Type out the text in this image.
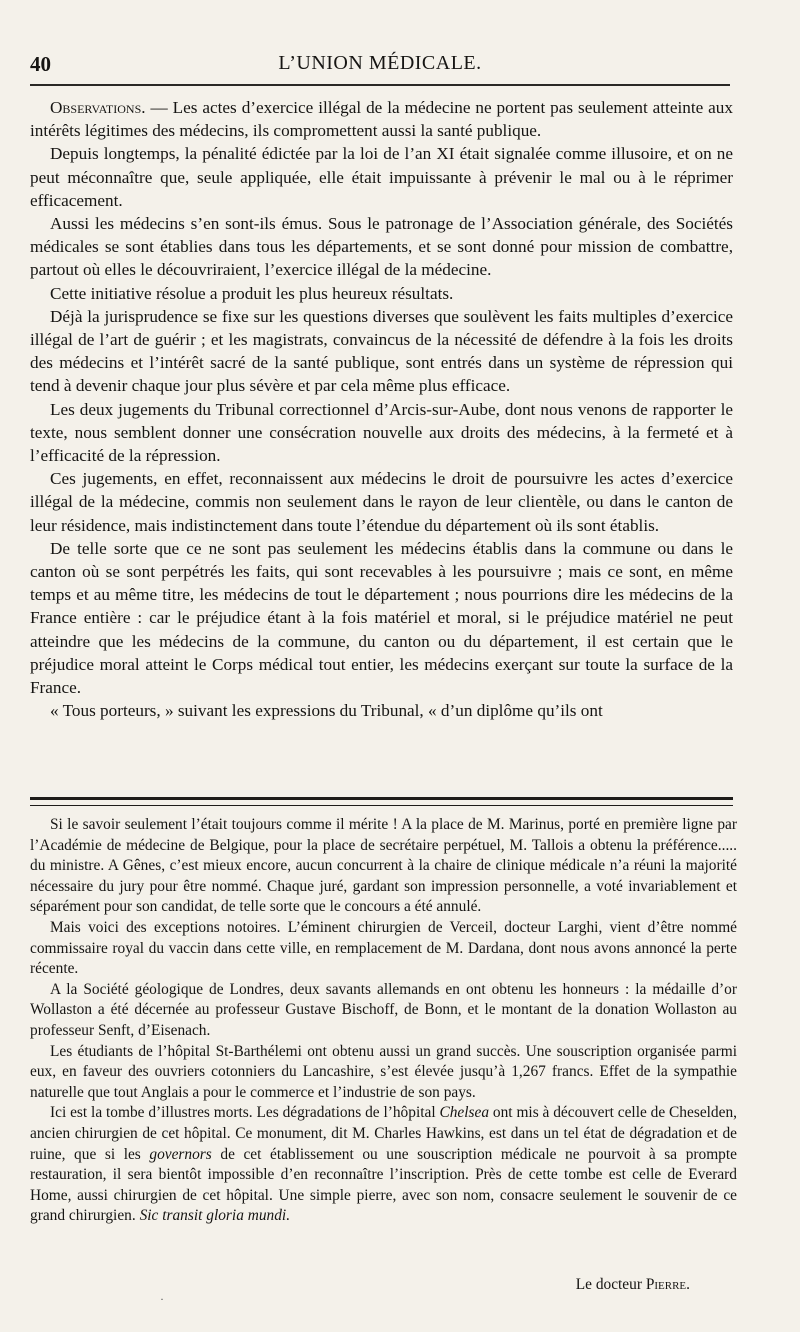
40	L’UNION MÉDICALE.

Observations. — Les actes d’exercice illégal de la médecine ne portent pas seulement atteinte aux intérêts légitimes des médecins, ils compromettent aussi la santé publique.

Depuis longtemps, la pénalité édictée par la loi de l’an XI était signalée comme illusoire, et on ne peut méconnaître que, seule appliquée, elle était impuissante à prévenir le mal ou à le réprimer efficacement.

Aussi les médecins s’en sont-ils émus. Sous le patronage de l’Association générale, des Sociétés médicales se sont établies dans tous les départements, et se sont donné pour mission de combattre, partout où elles le découvriraient, l’exercice illégal de la médecine.

Cette initiative résolue a produit les plus heureux résultats.

Déjà la jurisprudence se fixe sur les questions diverses que soulèvent les faits multiples d’exercice illégal de l’art de guérir ; et les magistrats, convaincus de la nécessité de défendre à la fois les droits des médecins et l’intérêt sacré de la santé publique, sont entrés dans un système de répression qui tend à devenir chaque jour plus sévère et par cela même plus efficace.

Les deux jugements du Tribunal correctionnel d’Arcis-sur-Aube, dont nous venons de rapporter le texte, nous semblent donner une consécration nouvelle aux droits des médecins, à la fermeté et à l’efficacité de la répression.

Ces jugements, en effet, reconnaissent aux médecins le droit de poursuivre les actes d’exercice illégal de la médecine, commis non seulement dans le rayon de leur clientèle, ou dans le canton de leur résidence, mais indistinctement dans toute l’étendue du département où ils sont établis.

De telle sorte que ce ne sont pas seulement les médecins établis dans la commune ou dans le canton où se sont perpétrés les faits, qui sont recevables à les poursuivre ; mais ce sont, en même temps et au même titre, les médecins de tout le département ; nous pourrions dire les médecins de la France entière : car le préjudice étant à la fois matériel et moral, si le préjudice matériel ne peut atteindre que les médecins de la commune, du canton ou du département, il est certain que le préjudice moral atteint le Corps médical tout entier, les médecins exerçant sur toute la surface de la France.

« Tous porteurs, » suivant les expressions du Tribunal, « d’un diplôme qu’ils ont

Si le savoir seulement l’était toujours comme il mérite ! A la place de M. Marinus, porté en première ligne par l’Académie de médecine de Belgique, pour la place de secrétaire perpétuel, M. Tallois a obtenu la préférence..... du ministre. A Gênes, c’est mieux encore, aucun concurrent à la chaire de clinique médicale n’a réuni la majorité nécessaire du jury pour être nommé. Chaque juré, gardant son impression personnelle, a voté invariablement et séparément pour son candidat, de telle sorte que le concours a été annulé.

Mais voici des exceptions notoires. L’éminent chirurgien de Verceil, docteur Larghi, vient d’être nommé commissaire royal du vaccin dans cette ville, en remplacement de M. Dardana, dont nous avons annoncé la perte récente.

A la Société géologique de Londres, deux savants allemands en ont obtenu les honneurs : la médaille d’or Wollaston a été décernée au professeur Gustave Bischoff, de Bonn, et le montant de la donation Wollaston au professeur Senft, d’Eisenach.

Les étudiants de l’hôpital St-Barthélemi ont obtenu aussi un grand succès. Une souscription organisée parmi eux, en faveur des ouvriers cotonniers du Lancashire, s’est élevée jusqu’à 1,267 francs. Effet de la sympathie naturelle que tout Anglais a pour le commerce et l’industrie de son pays.

Ici est la tombe d’illustres morts. Les dégradations de l’hôpital Chelsea ont mis à découvert celle de Cheselden, ancien chirurgien de cet hôpital. Ce monument, dit M. Charles Hawkins, est dans un tel état de dégradation et de ruine, que si les governors de cet établissement ou une souscription médicale ne pourvoit à sa prompte restauration, il sera bientôt impossible d’en reconnaître l’inscription. Près de cette tombe est celle de Everard Home, aussi chirurgien de cet hôpital. Une simple pierre, avec son nom, consacre seulement le souvenir de ce grand chirurgien. Sic transit gloria mundi.

Le docteur Pierre.
·
